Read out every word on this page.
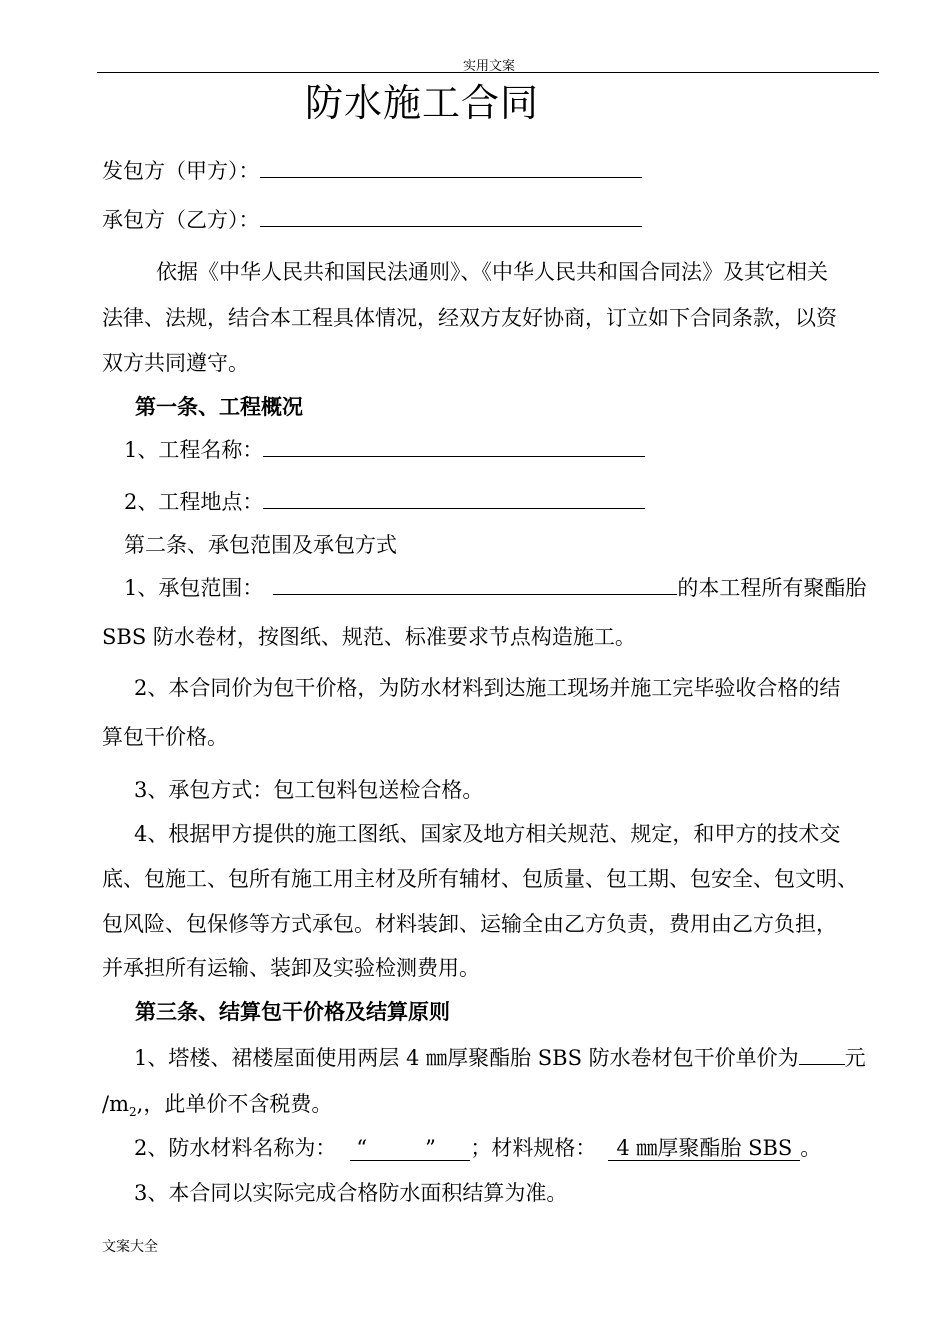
实用文案
防水施工合同
发包方（甲方）：
承包方（乙方）：
依据《中华人民共和国民法通则》、《中华人民共和国合同法》及其它相关
法律、法规，结合本工程具体情况，经双方友好协商，订立如下合同条款，以资
双方共同遵守。
第一条、工程概况
1、工程名称：
2、工程地点：
第二条、承包范围及承包方式
1、承包范围：	的本工程所有聚酯胎
SBS 防水卷材，按图纸、规范、标准要求节点构造施工。
2、本合同价为包干价格，为防水材料到达施工现场并施工完毕验收合格的结
算包干价格。
3、承包方式：包工包料包送检合格。
4、根据甲方提供的施工图纸、国家及地方相关规范、规定，和甲方的技术交
底、包施工、包所有施工用主材及所有辅材、包质量、包工期、包安全、包文明、
包风险、包保修等方式承包。材料装卸、运输全由乙方负责，费用由乙方负担，
并承担所有运输、装卸及实验检测费用。
第三条、结算包干价格及结算原则
1、塔楼、裙楼屋面使用两层 4 ㎜厚聚酯胎 SBS 防水卷材包干价单价为 元
$/m_2$,，此单价不含税费。
2、防水材料名称为： “	” ；材料规格： 4 ㎜厚聚酯胎 SBS 。
3、本合同以实际完成合格防水面积结算为准。
文案大全
